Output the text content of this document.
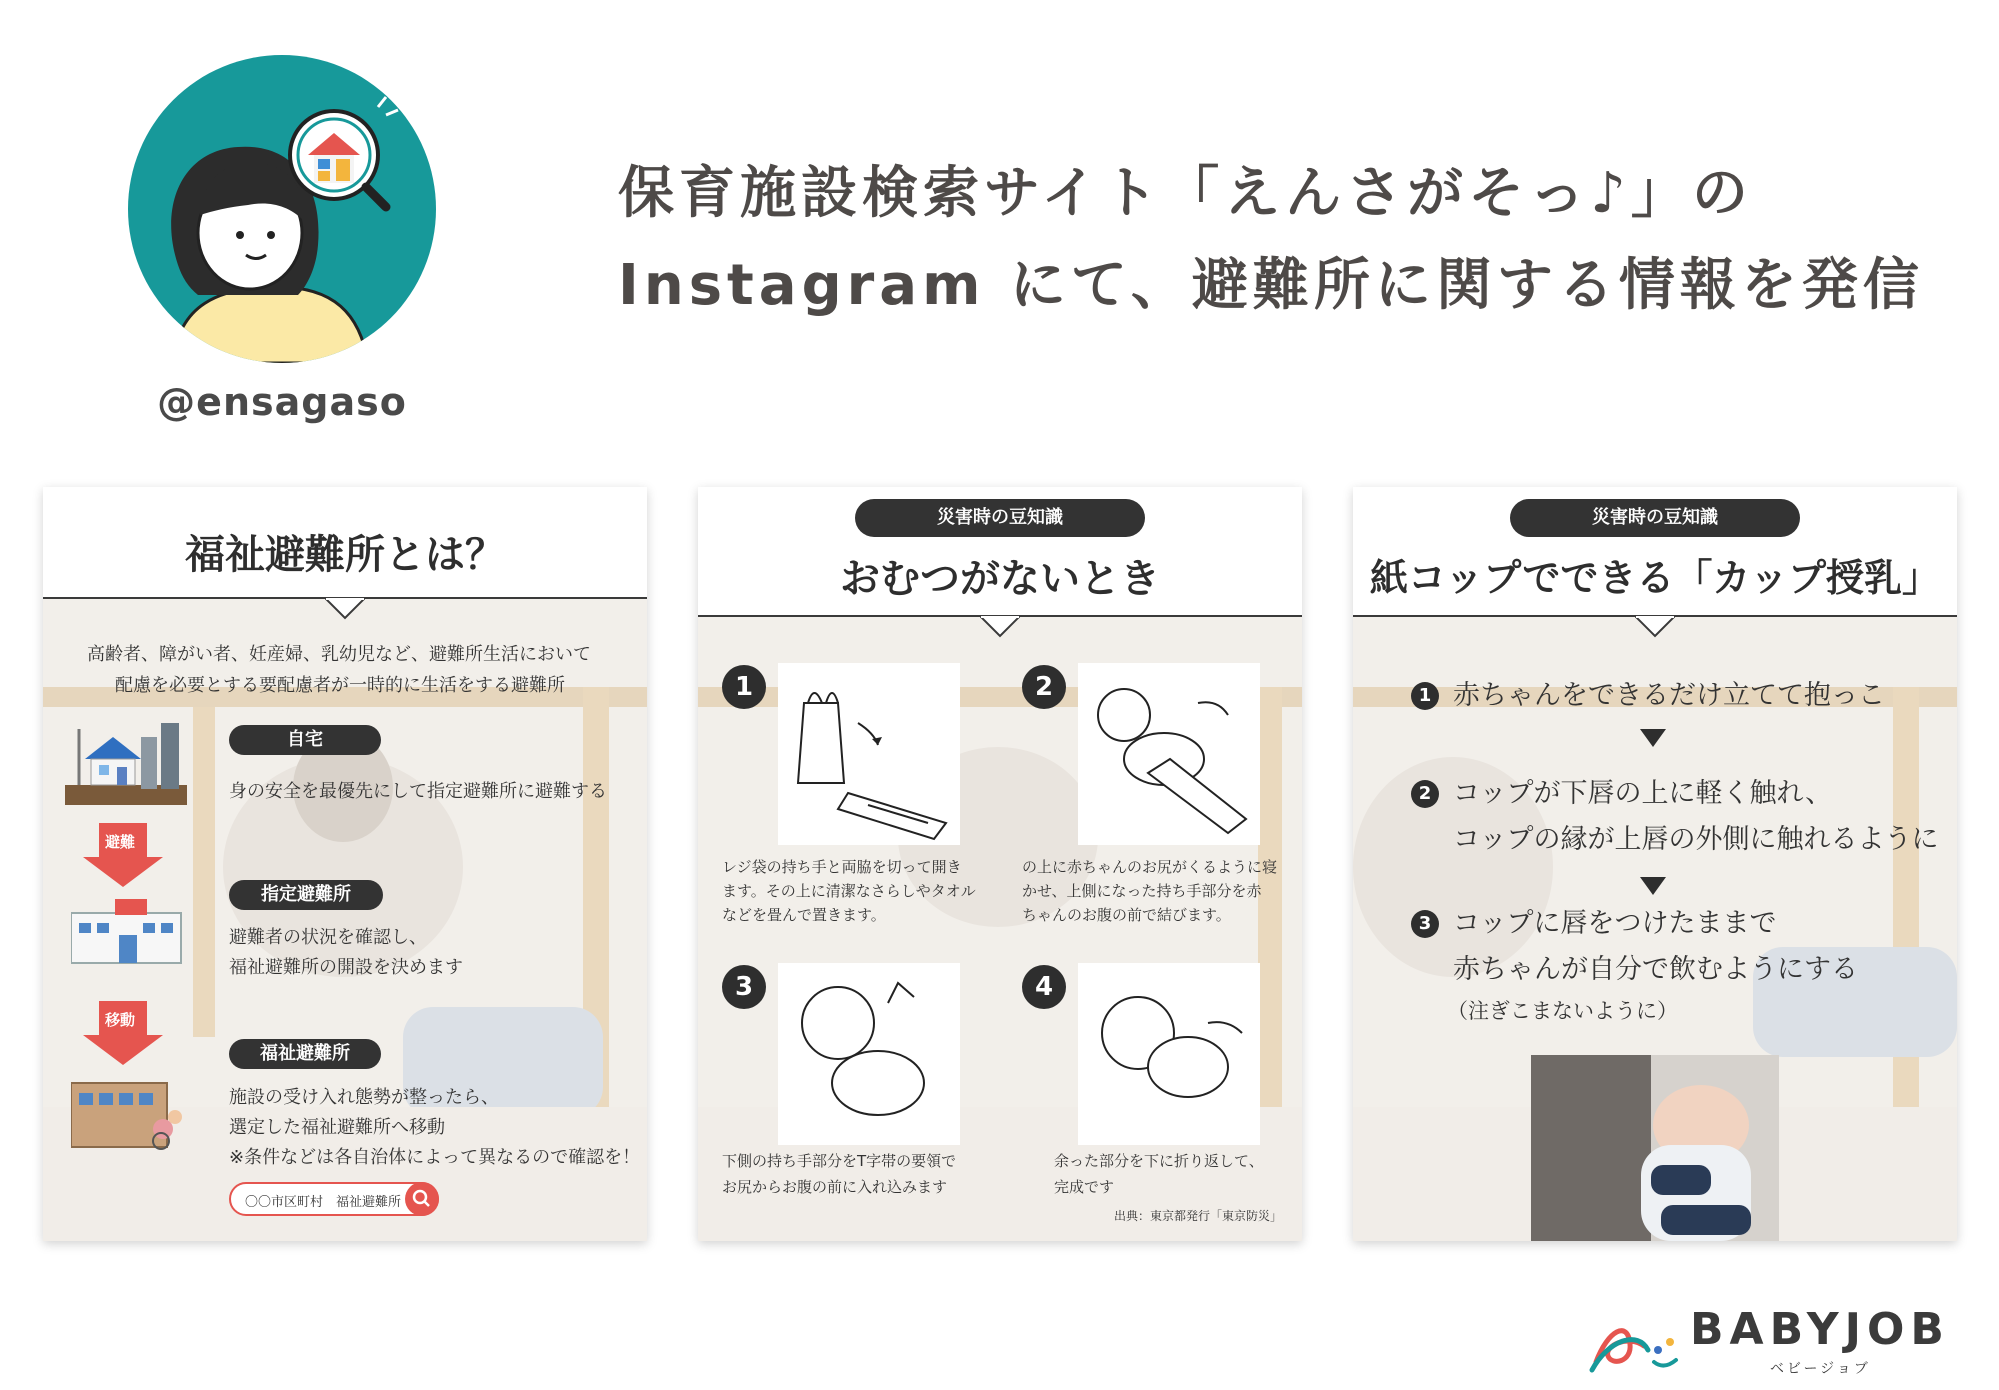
@ensagaso
保育施設検索サイト「えんさがそっ♪」の
Instagram にて、避難所に関する情報を発信
福祉避難所とは？
高齢者、障がい者、妊産婦、乳幼児など、避難所生活において
配慮を必要とする要配慮者が一時的に生活をする避難所
自宅
身の安全を最優先にして指定避難所に避難する
避難
指定避難所
避難者の状況を確認し、
福祉避難所の開設を決めます
移動
福祉避難所
施設の受け入れ態勢が整ったら、
選定した福祉避難所へ移動
※条件などは各自治体によって異なるので確認を！
〇〇市区町村　福祉避難所
災害時の豆知識
おむつがないとき
1
レジ袋の持ち手と両脇を切って開き
ます。その上に清潔なさらしやタオル
などを畳んで置きます。
2
の上に赤ちゃんのお尻がくるように寝
かせ、上側になった持ち手部分を赤
ちゃんのお腹の前で結びます。
3
下側の持ち手部分をT字帯の要領で
お尻からお腹の前に入れ込みます
4
余った部分を下に折り返して、
完成です
出典：東京都発行「東京防災」
災害時の豆知識
紙コップでできる「カップ授乳」
1 赤ちゃんをできるだけ立てて抱っこ
2 コップが下唇の上に軽く触れ、
コップの縁が上唇の外側に触れるように
3 コップに唇をつけたままで
赤ちゃんが自分で飲むようにする
（注ぎこまないように）
BABYJOB
ベビージョブ
